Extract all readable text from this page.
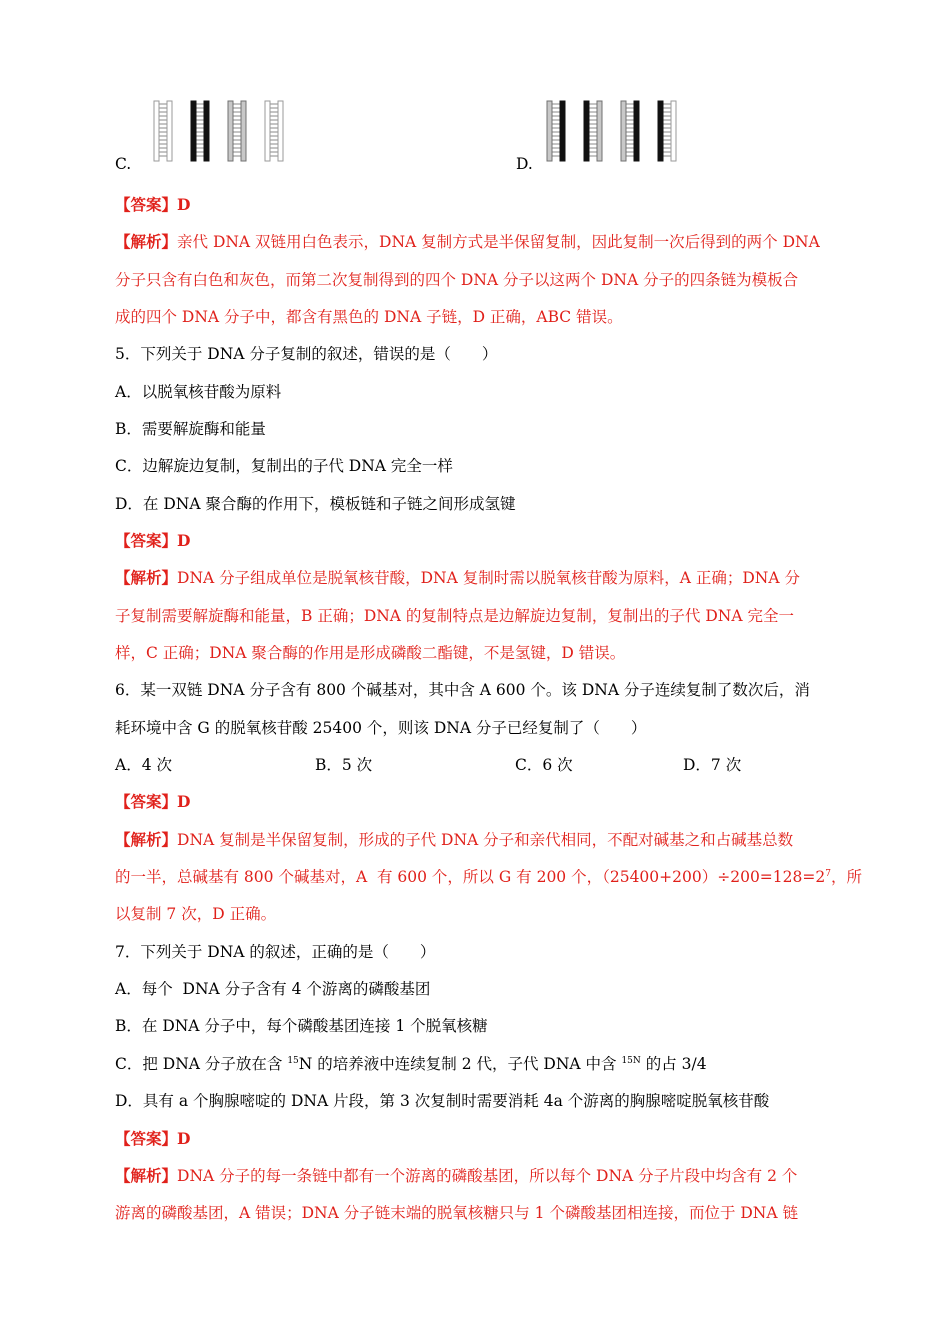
C.	D.
【答案】D
【解析】亲代 DNA 双链用白色表示，DNA 复制方式是半保留复制，因此复制一次后得到的两个 DNA
分子只含有白色和灰色，而第二次复制得到的四个 DNA 分子以这两个 DNA 分子的四条链为模板合
成的四个 DNA 分子中，都含有黑色的 DNA 子链，D 正确，ABC 错误。
5．下列关于 DNA 分子复制的叙述，错误的是（　　）
A．以脱氧核苷酸为原料
B．需要解旋酶和能量
C．边解旋边复制，复制出的子代 DNA 完全一样
D．在 DNA 聚合酶的作用下，模板链和子链之间形成氢键
【答案】D
【解析】DNA 分子组成单位是脱氧核苷酸，DNA 复制时需以脱氧核苷酸为原料，A 正确；DNA 分
子复制需要解旋酶和能量，B 正确；DNA 的复制特点是边解旋边复制，复制出的子代 DNA 完全一
样，C 正确；DNA 聚合酶的作用是形成磷酸二酯键，不是氢键，D 错误。
6．某一双链 DNA 分子含有 800 个碱基对，其中含 A 600 个。该 DNA 分子连续复制了数次后，消
耗环境中含 G 的脱氧核苷酸 25400 个，则该 DNA 分子已经复制了（　　）
A．4 次	B．5 次	C．6 次	D．7 次
【答案】D
【解析】DNA 复制是半保留复制，形成的子代 DNA 分子和亲代相同，不配对碱基之和占碱基总数
的一半，总碱基有 800 个碱基对，A  有 600 个，所以 G 有 200 个，$(25400+200)\div 200=128=2^7$，所
以复制 7 次，D 正确。
7．下列关于 DNA 的叙述，正确的是（　　）
A．每个  DNA 分子含有 4 个游离的磷酸基团
B．在 DNA 分子中，每个磷酸基团连接 1 个脱氧核糖
C．把 DNA 分子放在含 $^{15}$N 的培养液中连续复制 2 代，子代 DNA 中含 $^{15N}$ 的占 3/4
D．具有 a 个胸腺嘧啶的 DNA 片段，第 3 次复制时需要消耗 4a 个游离的胸腺嘧啶脱氧核苷酸
【答案】D
【解析】DNA 分子的每一条链中都有一个游离的磷酸基团，所以每个 DNA 分子片段中均含有 2 个
游离的磷酸基团，A 错误；DNA 分子链末端的脱氧核糖只与 1 个磷酸基团相连接，而位于 DNA 链
